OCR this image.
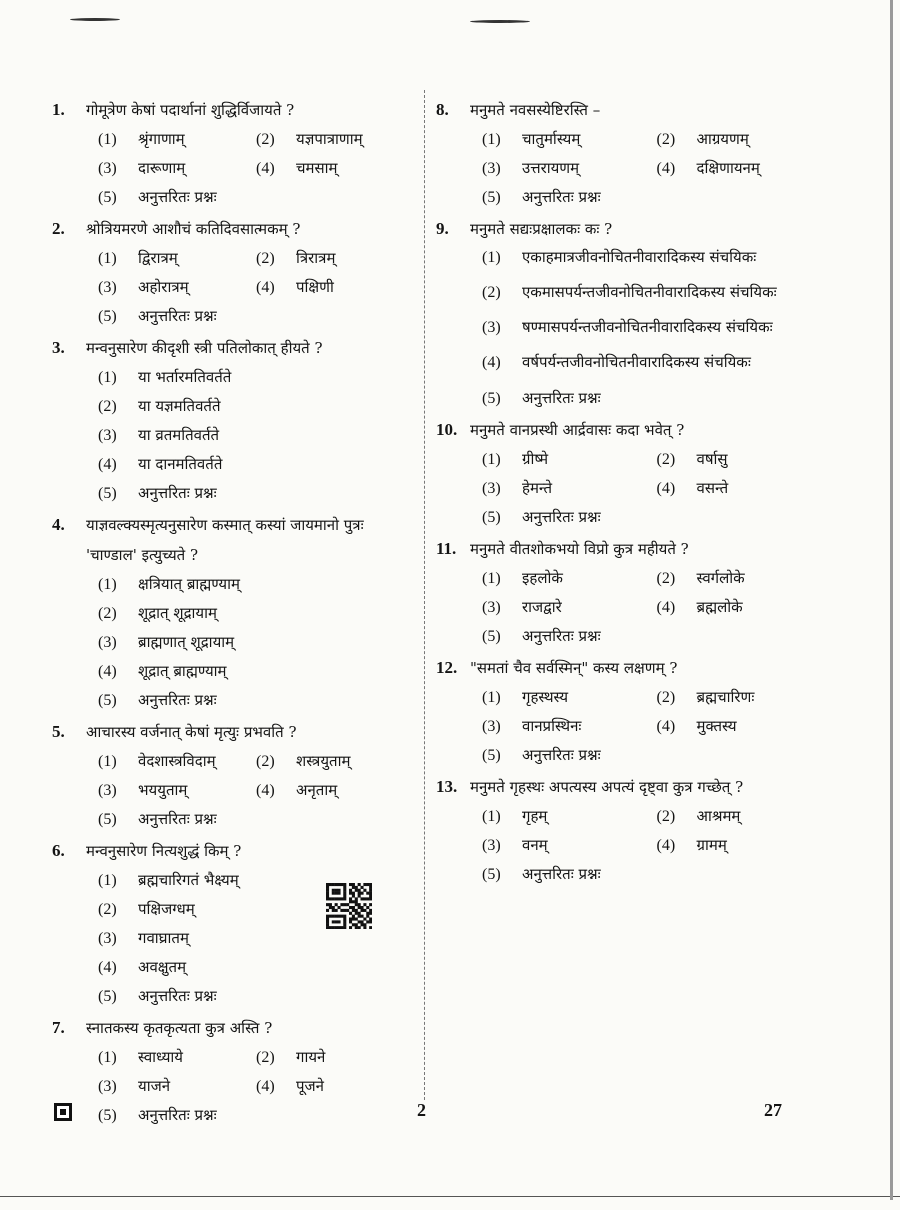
1.	गोमूत्रेण केषां पदार्थानां शुद्धिर्विजायते ?
(1)	श्रृंगाणाम्	(2)	यज्ञपात्राणाम्
(3)	दारूणाम्	(4)	चमसाम्
(5)	अनुत्तरितः प्रश्नः
2.	श्रोत्रियमरणे आशौचं कतिदिवसात्मकम् ?
(1)	द्विरात्रम्	(2)	त्रिरात्रम्
(3)	अहोरात्रम्	(4)	पक्षिणी
(5)	अनुत्तरितः प्रश्नः
3.	मन्वनुसारेण कीदृशी स्त्री पतिलोकात् हीयते ?
(1)	या भर्तारमतिवर्तते
(2)	या यज्ञमतिवर्तते
(3)	या व्रतमतिवर्तते
(4)	या दानमतिवर्तते
(5)	अनुत्तरितः प्रश्नः
4.	याज्ञवल्क्यस्मृत्यनुसारेण कस्मात् कस्यां जायमानो पुत्रः 'चाण्डाल' इत्युच्यते ?
(1)	क्षत्रियात् ब्राह्मण्याम्
(2)	शूद्रात् शूद्रायाम्
(3)	ब्राह्मणात् शूद्रायाम्
(4)	शूद्रात् ब्राह्मण्याम्
(5)	अनुत्तरितः प्रश्नः
5.	आचारस्य वर्जनात् केषां मृत्युः प्रभवति ?
(1)	वेदशास्त्रविदाम्	(2)	शस्त्रयुताम्
(3)	भययुताम्	(4)	अनृताम्
(5)	अनुत्तरितः प्रश्नः
6.	मन्वनुसारेण नित्यशुद्धं किम् ?
(1)	ब्रह्मचारिगतं भैक्ष्यम्
(2)	पक्षिजग्धम्
(3)	गवाघ्रातम्
(4)	अवक्षुतम्
(5)	अनुत्तरितः प्रश्नः
7.	स्नातकस्य कृतकृत्यता कुत्र अस्ति ?
(1)	स्वाध्याये	(2)	गायने
(3)	याजने	(4)	पूजने
(5)	अनुत्तरितः प्रश्नः
8.	मनुमते नवसस्येष्टिरस्ति –
(1)	चातुर्मास्यम्	(2)	आग्रयणम्
(3)	उत्तरायणम्	(4)	दक्षिणायनम्
(5)	अनुत्तरितः प्रश्नः
9.	मनुमते सद्यःप्रक्षालकः कः ?
(1)	एकाहमात्रजीवनोचितनीवारादिकस्य संचयिकः
(2)	एकमासपर्यन्तजीवनोचितनीवारादिकस्य संचयिकः
(3)	षण्मासपर्यन्तजीवनोचितनीवारादिकस्य संचयिकः
(4)	वर्षपर्यन्तजीवनोचितनीवारादिकस्य संचयिकः
(5)	अनुत्तरितः प्रश्नः
10. मनुमते वानप्रस्थी आर्द्रवासः कदा भवेत् ?
(1)	ग्रीष्मे	(2)	वर्षासु
(3)	हेमन्ते	(4)	वसन्ते
(5)	अनुत्तरितः प्रश्नः
11. मनुमते वीतशोकभयो विप्रो कुत्र महीयते ?
(1)	इहलोके	(2)	स्वर्गलोके
(3)	राजद्वारे	(4)	ब्रह्मलोके
(5)	अनुत्तरितः प्रश्नः
12. "समतां चैव सर्वस्मिन्" कस्य लक्षणम् ?
(1)	गृहस्थस्य	(2)	ब्रह्मचारिणः
(3)	वानप्रस्थिनः	(4)	मुक्तस्य
(5)	अनुत्तरितः प्रश्नः
13. मनुमते गृहस्थः अपत्यस्य अपत्यं दृष्ट्वा कुत्र गच्छेत् ?
(1)	गृहम्	(2)	आश्रमम्
(3)	वनम्	(4)	ग्रामम्
(5)	अनुत्तरितः प्रश्नः
2	27
